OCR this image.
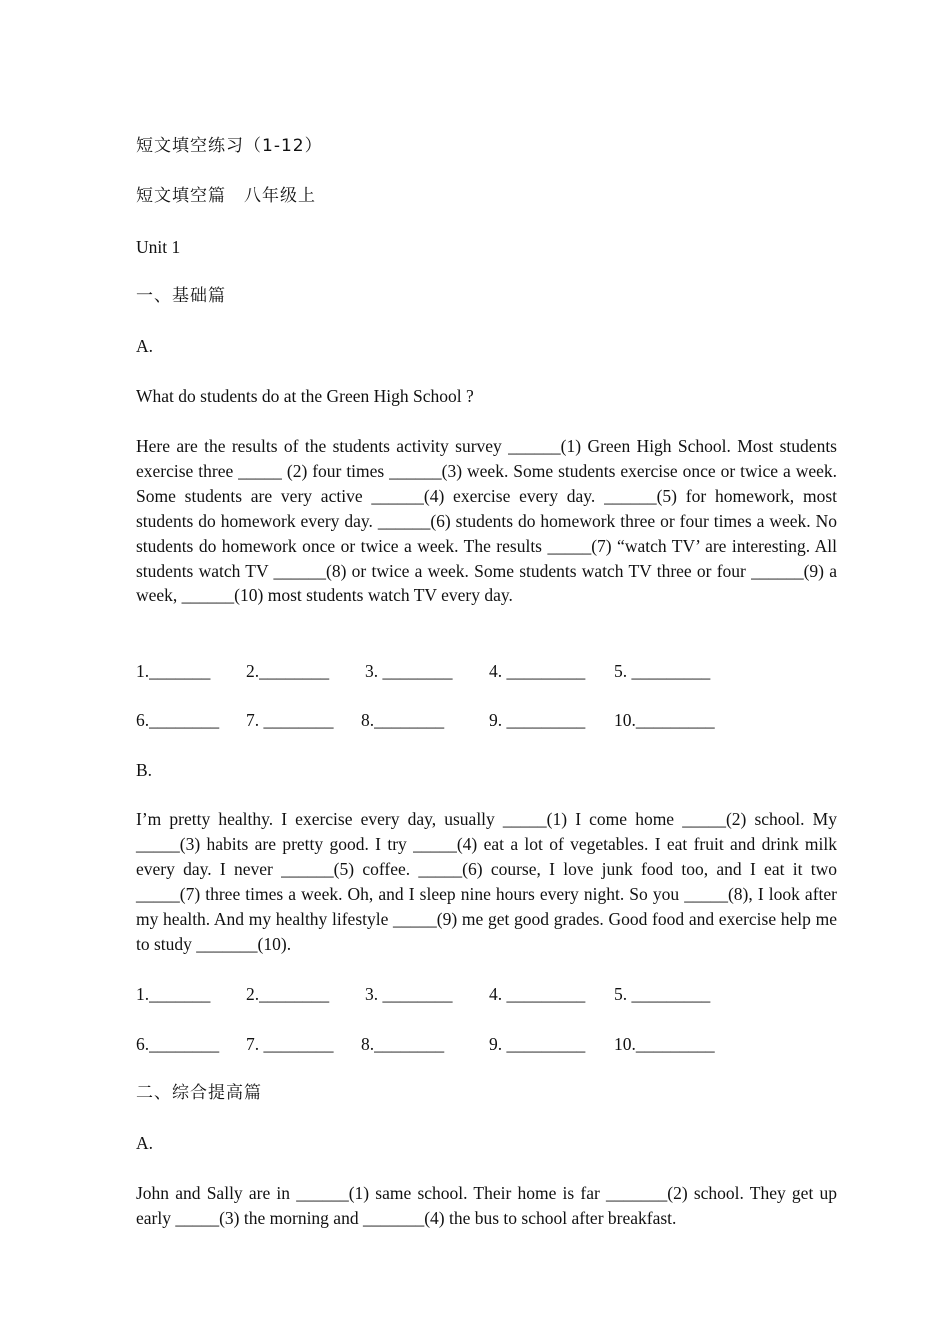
短文填空练习（1-12）
短文填空篇　八年级上
Unit 1
一、基础篇
A.
What do students do at the Green High School ?
Here are the results of the students activity survey ______(1) Green High School. Most students exercise three _____ (2) four times ______(3) week. Some students exercise once or twice a week. Some students are very active ______(4) exercise every day. ______(5) for homework, most students do homework every day. ______(6) students do homework three or four times a week. No students do homework once or twice a week. The results _____(7) “watch TV’ are interesting. All students watch TV ______(8) or twice a week. Some students watch TV three or four ______(9) a week, ______(10) most students watch TV every day.
1._______ 2.________ 3. ________ 4. _________ 5. _________
6.________ 7. ________ 8.________	9. _________ 10._________
B.
I’m pretty healthy. I exercise every day, usually _____(1) I come home _____(2) school. My _____(3) habits are pretty good. I try _____(4) eat a lot of vegetables. I eat fruit and drink milk every day. I never ______(5) coffee. _____(6) course, I love junk food too, and I eat it two _____(7) three times a week. Oh, and I sleep nine hours every night. So you _____(8), I look after my health. And my healthy lifestyle _____(9) me get good grades. Good food and exercise help me to study _______(10).
1._______ 2.________ 3. ________ 4. _________ 5. _________
6.________ 7. ________ 8.________	9. _________ 10._________
二、综合提高篇
A.
John and Sally are in ______(1) same school. Their home is far _______(2) school. They get up early _____(3) the morning and _______(4) the bus to school after breakfast.
